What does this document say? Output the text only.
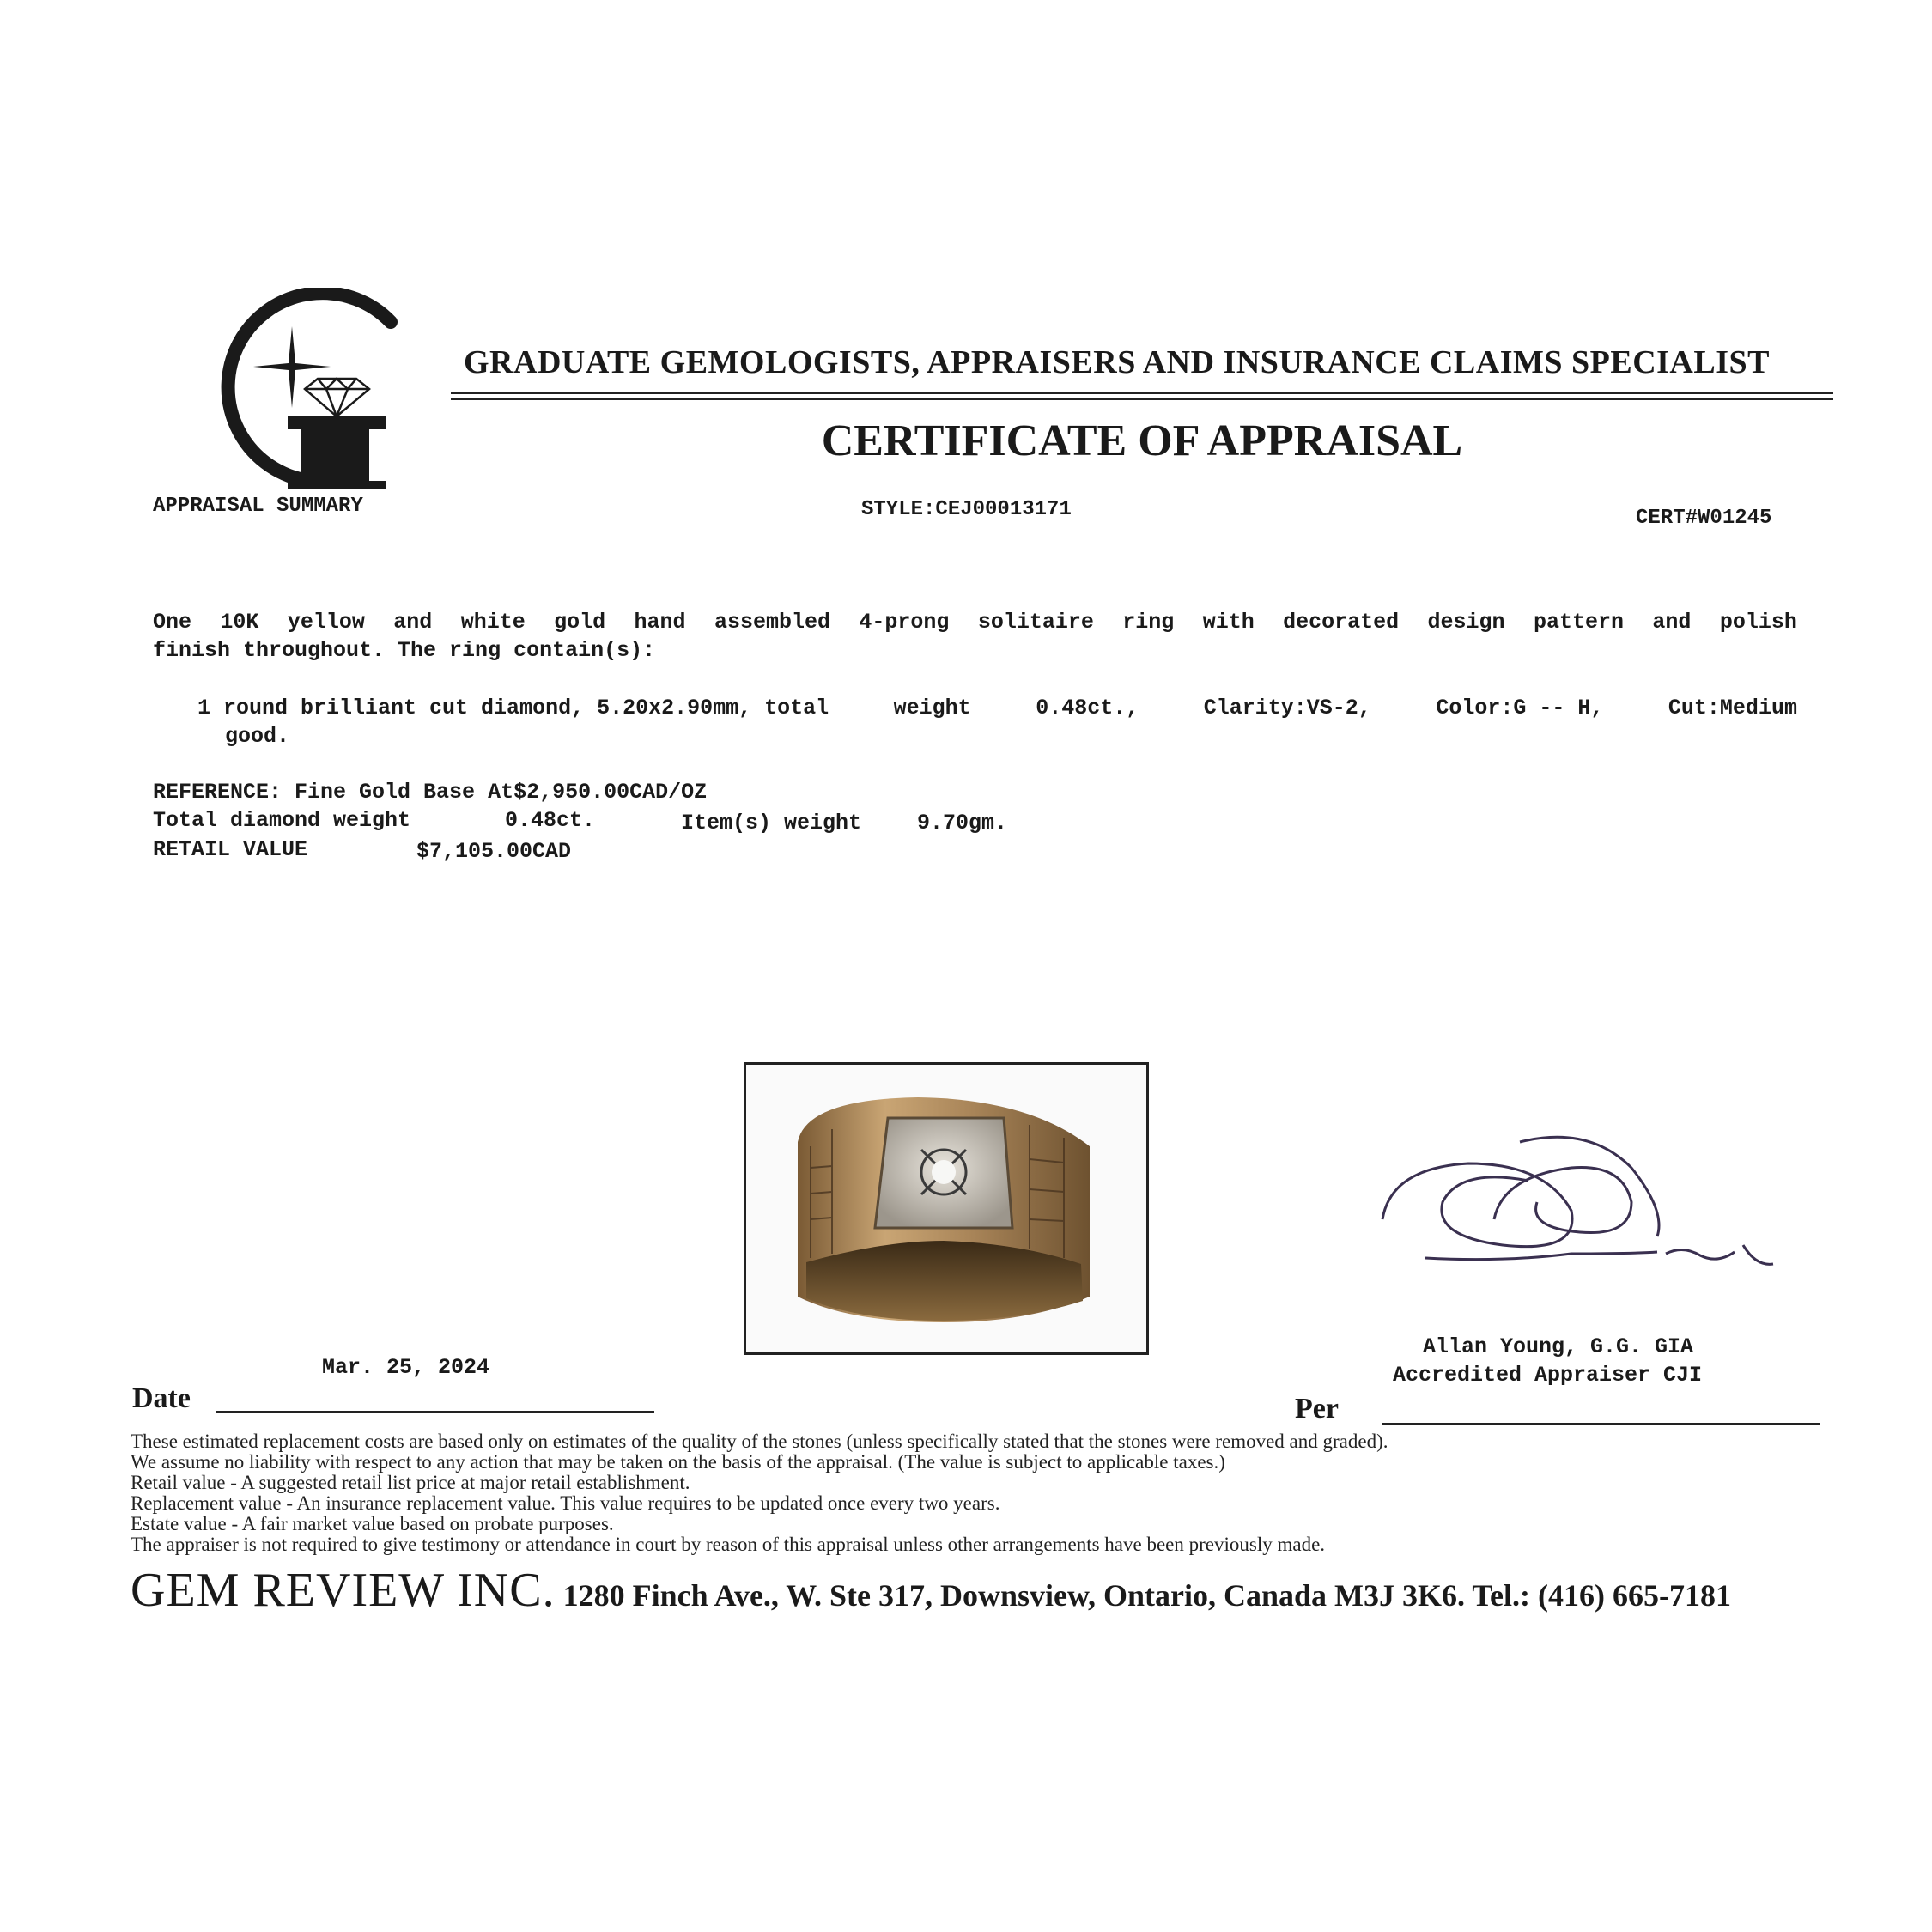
APPRAISAL SUMMARY
GRADUATE GEMOLOGISTS, APPRAISERS AND INSURANCE CLAIMS SPECIALIST
CERTIFICATE OF APPRAISAL
STYLE:CEJ00013171	CERT#W01245
One 10K yellow and white gold hand assembled 4-prong solitaire ring with decorated design pattern and polish
finish throughout. The ring contain(s):
1 round brilliant cut diamond, 5.20x2.90mm, total	weight	0.48ct.,	Clarity:VS-2,	Color:G -- H,	Cut:Medium
good.
REFERENCE: Fine Gold Base At$2,950.00CAD/OZ
Total diamond weight	0.48ct.	Item(s) weight	9.70gm.
RETAIL VALUE	$7,105.00CAD
Allan Young, G.G. GIA
Accredited Appraiser CJI
Mar. 25, 2024
Date	Per
These estimated replacement costs are based only on estimates of the quality of the stones (unless specifically stated that the stones were removed and graded).
We assume no liability with respect to any action that may be taken on the basis of the appraisal. (The value is subject to applicable taxes.)
Retail value - A suggested retail list price at major retail establishment.
Replacement value - An insurance replacement value. This value requires to be updated once every two years.
Estate value - A fair market value based on probate purposes.
The appraiser is not required to give testimony or attendance in court by reason of this appraisal unless other arrangements have been previously made.
GEM REVIEW INC. 1280 Finch Ave., W. Ste 317, Downsview, Ontario, Canada M3J 3K6. Tel.: (416) 665-7181
